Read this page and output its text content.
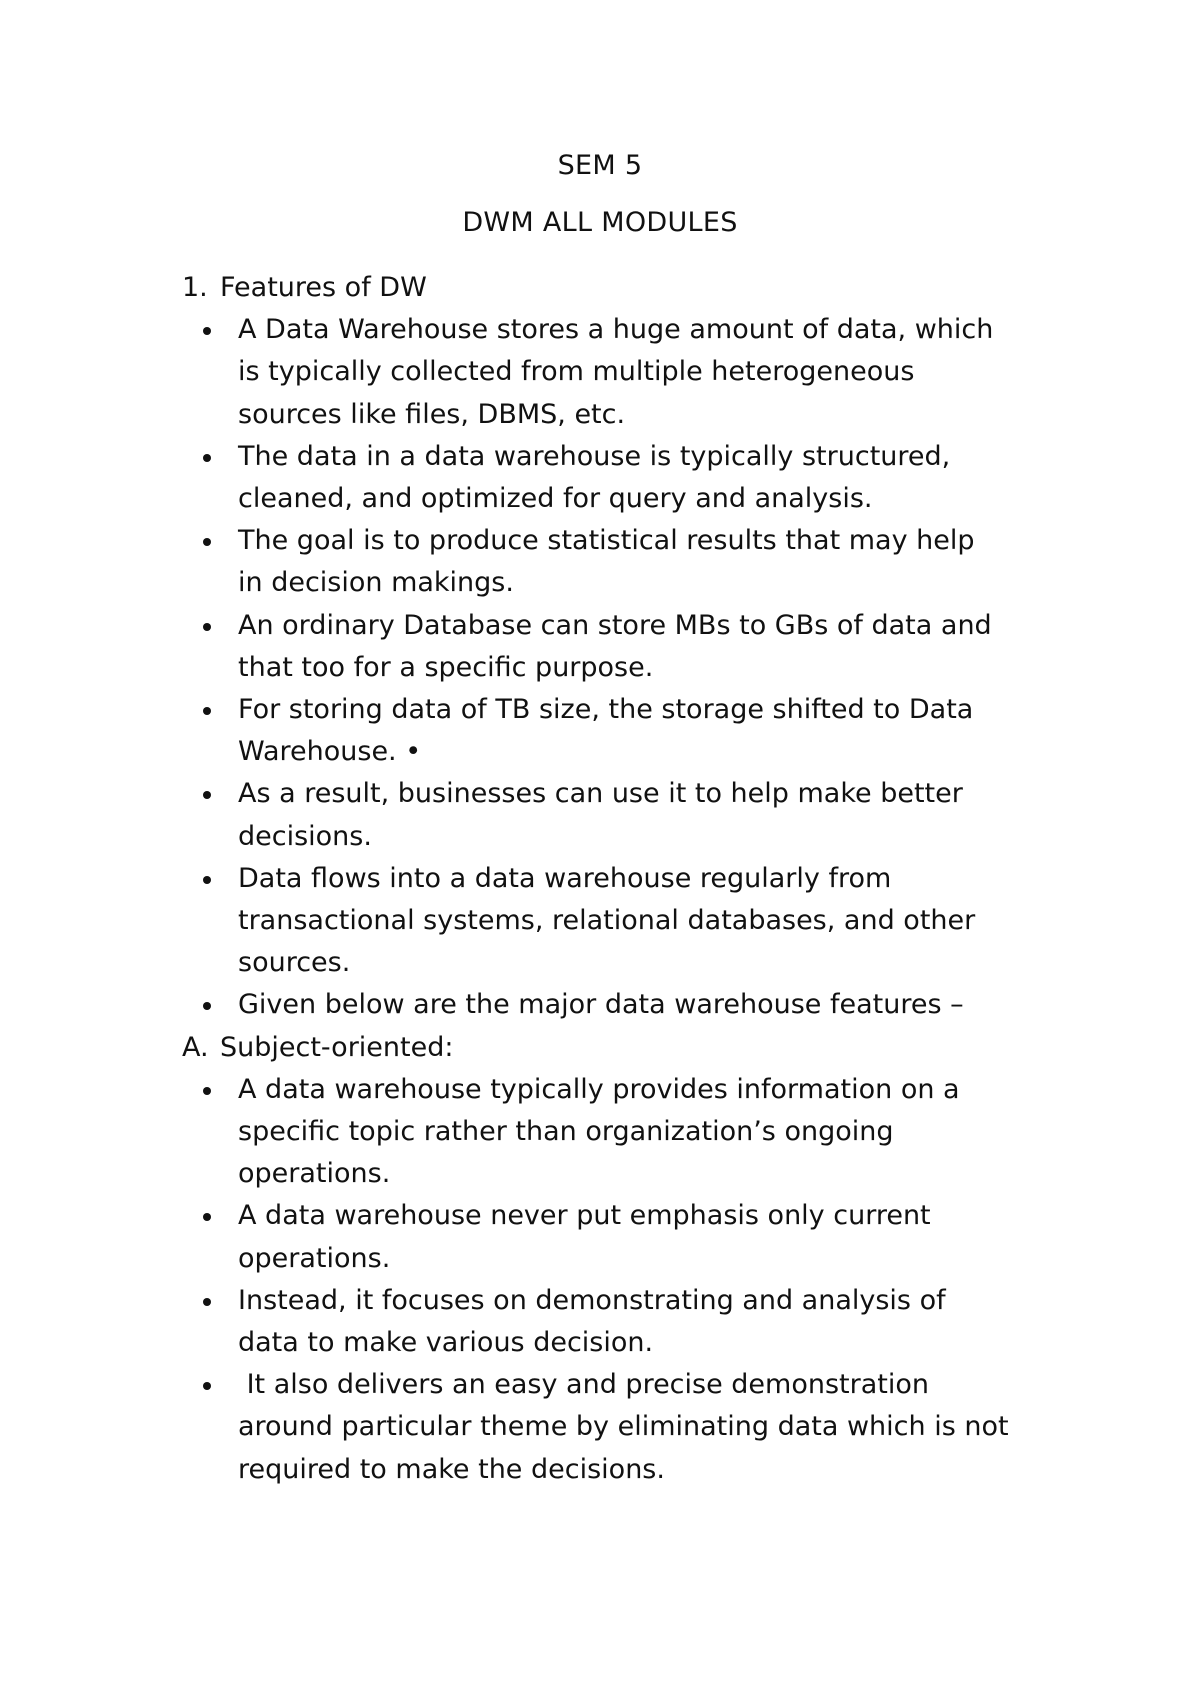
SEM 5
DWM ALL MODULES
1. Features of DW
A Data Warehouse stores a huge amount of data, which
is typically collected from multiple heterogeneous
sources like files, DBMS, etc.
The data in a data warehouse is typically structured,
cleaned, and optimized for query and analysis.
The goal is to produce statistical results that may help
in decision makings.
An ordinary Database can store MBs to GBs of data and
that too for a specific purpose.
For storing data of TB size, the storage shifted to Data
Warehouse. •
As a result, businesses can use it to help make better
decisions.
Data flows into a data warehouse regularly from
transactional systems, relational databases, and other
sources.
Given below are the major data warehouse features –
A. Subject-oriented:
A data warehouse typically provides information on a
specific topic rather than organization’s ongoing
operations.
A data warehouse never put emphasis only current
operations.
Instead, it focuses on demonstrating and analysis of
data to make various decision.
It also delivers an easy and precise demonstration
around particular theme by eliminating data which is not
required to make the decisions.
